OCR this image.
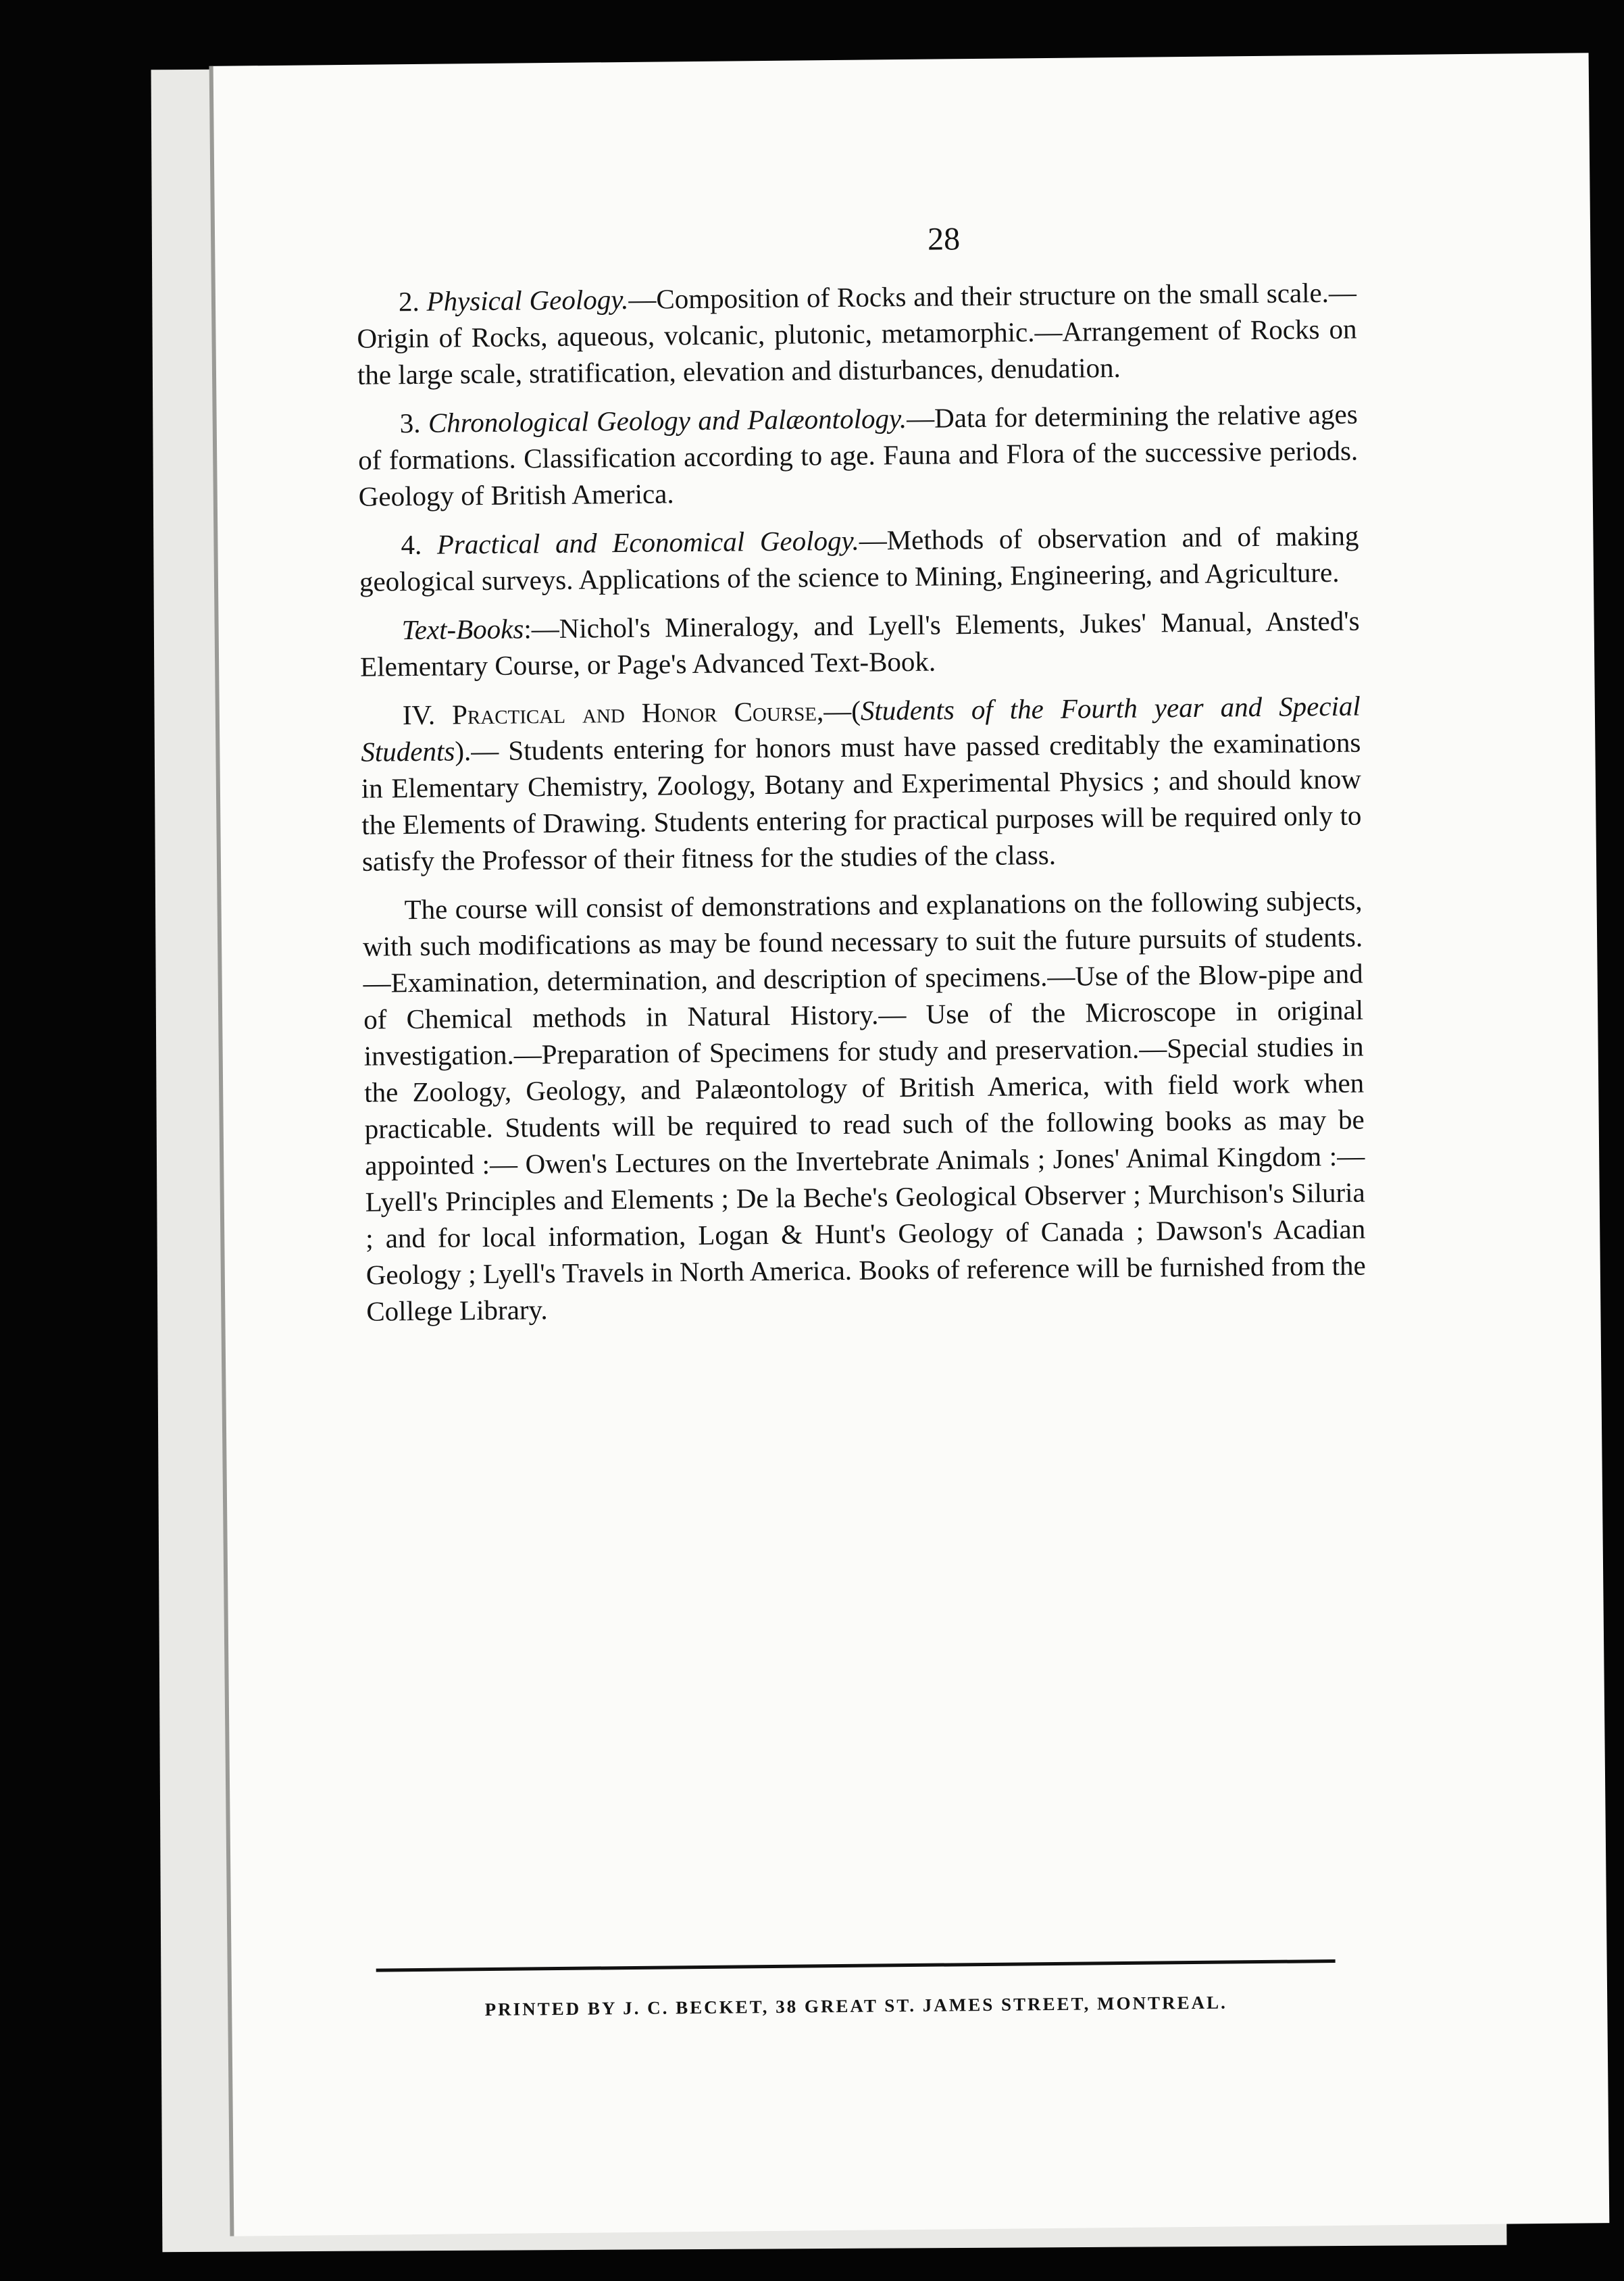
28

2. Physical Geology.—Composition of Rocks and their structure on the small scale.—Origin of Rocks, aqueous, volcanic, plutonic, metamorphic.—Arrangement of Rocks on the large scale, stratification, elevation and disturbances, denudation.

3. Chronological Geology and Palæontology.—Data for determining the relative ages of formations. Classification according to age. Fauna and Flora of the successive periods. Geology of British America.

4. Practical and Economical Geology.—Methods of observation and of making geological surveys. Applications of the science to Mining, Engineering, and Agriculture.

Text-Books:—Nichol's Mineralogy, and Lyell's Elements, Jukes' Manual, Ansted's Elementary Course, or Page's Advanced Text-Book.

IV. Practical and Honor Course,—(Students of the Fourth year and Special Students).— Students entering for honors must have passed creditably the examinations in Elementary Chemistry, Zoology, Botany and Experimental Physics ; and should know the Elements of Drawing. Students entering for practical purposes will be required only to satisfy the Professor of their fitness for the studies of the class.

The course will consist of demonstrations and explanations on the following subjects, with such modifications as may be found necessary to suit the future pursuits of students.—Examination, determination, and description of specimens.—Use of the Blow-pipe and of Chemical methods in Natural History.— Use of the Microscope in original investigation.—Preparation of Specimens for study and preservation.—Special studies in the Zoology, Geology, and Palæontology of British America, with field work when practicable. Students will be required to read such of the following books as may be appointed :— Owen's Lectures on the Invertebrate Animals ; Jones' Animal Kingdom :— Lyell's Principles and Elements ; De la Beche's Geological Observer ; Murchison's Siluria ; and for local information, Logan & Hunt's Geology of Canada ; Dawson's Acadian Geology ; Lyell's Travels in North America. Books of reference will be furnished from the College Library.

PRINTED BY J. C. BECKET, 38 GREAT ST. JAMES STREET, MONTREAL.
